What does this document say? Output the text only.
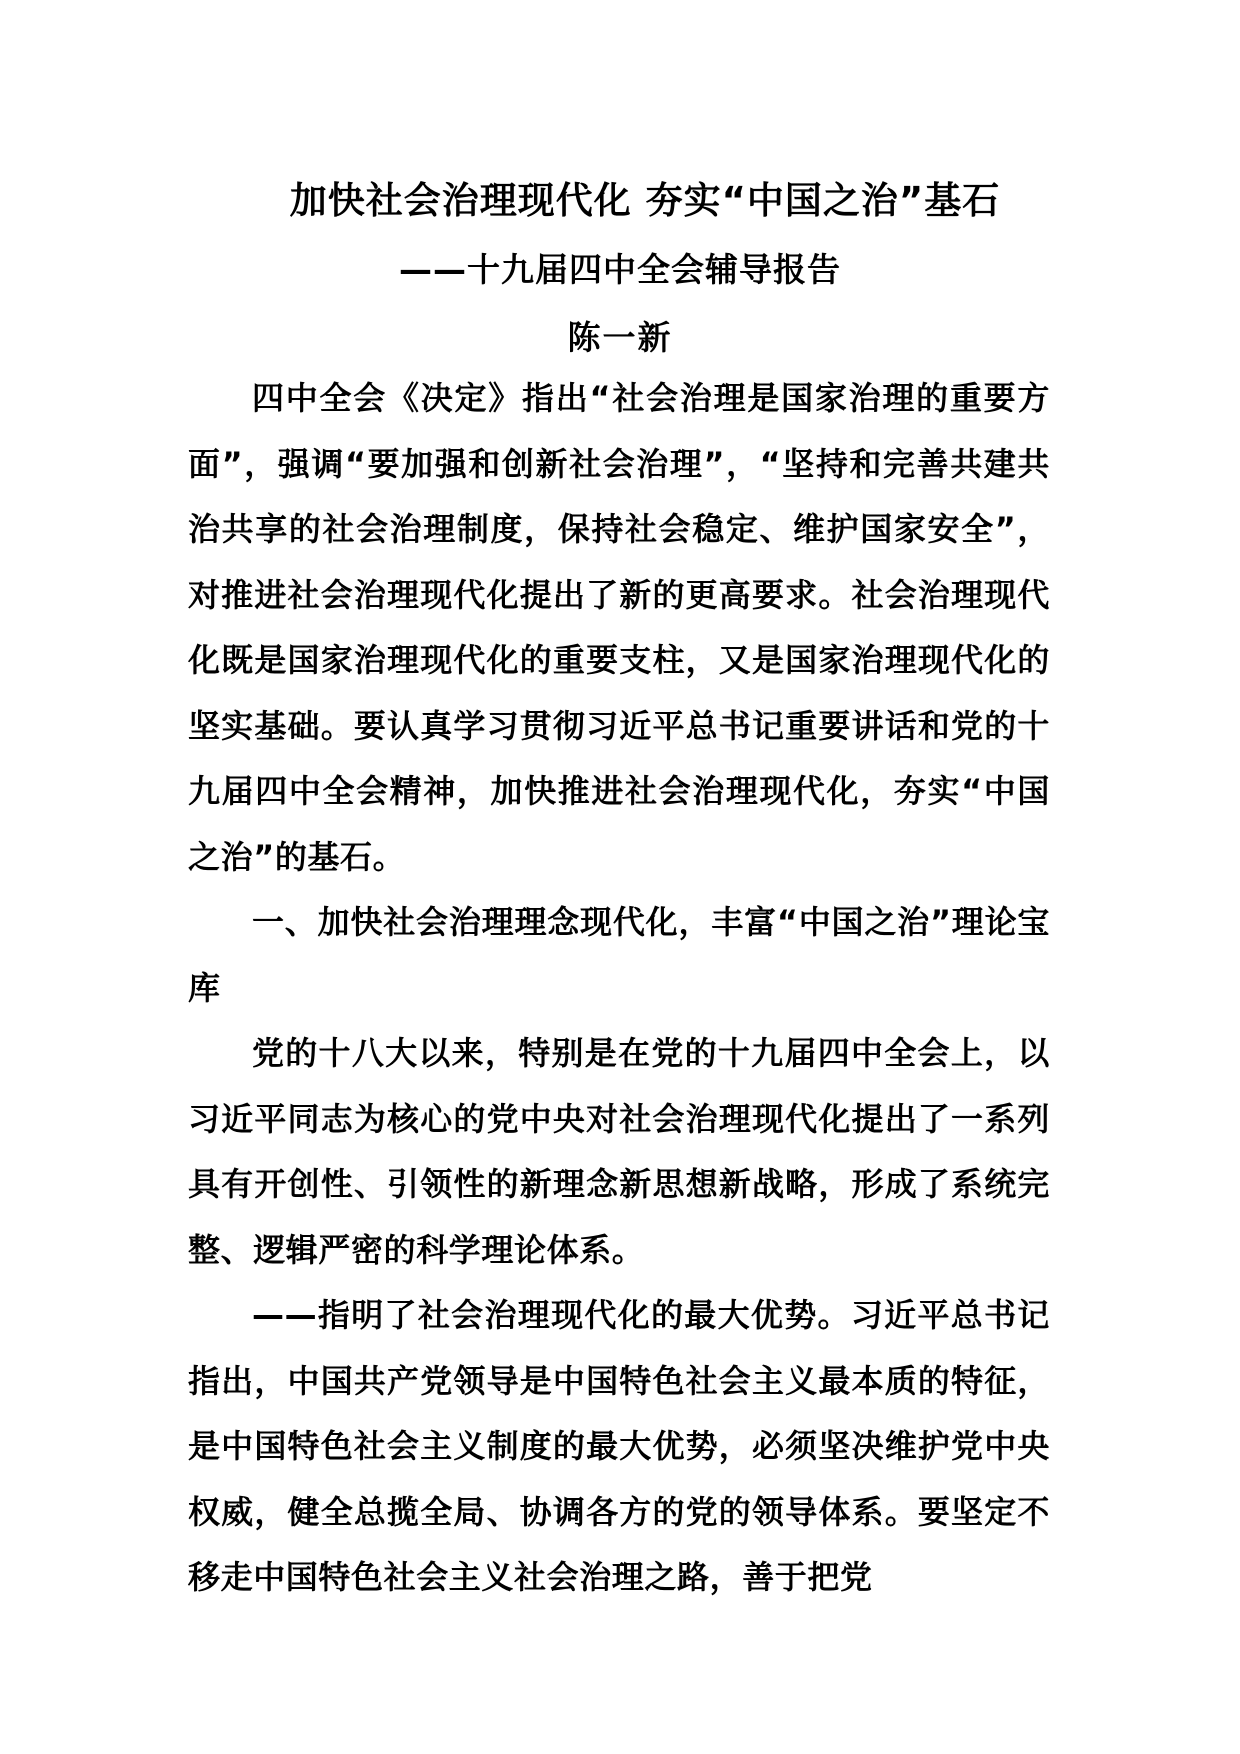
加快社会治理现代化 夯实“中国之治”基石
——十九届四中全会辅导报告
陈一新

四中全会《决定》指出“社会治理是国家治理的重要方面”，强调“要加强和创新社会治理”，“坚持和完善共建共治共享的社会治理制度，保持社会稳定、维护国家安全”，对推进社会治理现代化提出了新的更高要求。社会治理现代化既是国家治理现代化的重要支柱，又是国家治理现代化的坚实基础。要认真学习贯彻习近平总书记重要讲话和党的十九届四中全会精神，加快推进社会治理现代化，夯实“中国之治”的基石。

一、加快社会治理理念现代化，丰富“中国之治”理论宝库

党的十八大以来，特别是在党的十九届四中全会上，以习近平同志为核心的党中央对社会治理现代化提出了一系列具有开创性、引领性的新理念新思想新战略，形成了系统完整、逻辑严密的科学理论体系。

——指明了社会治理现代化的最大优势。习近平总书记指出，中国共产党领导是中国特色社会主义最本质的特征，是中国特色社会主义制度的最大优势，必须坚决维护党中央权威，健全总揽全局、协调各方的党的领导体系。要坚定不移走中国特色社会主义社会治理之路，善于把党
